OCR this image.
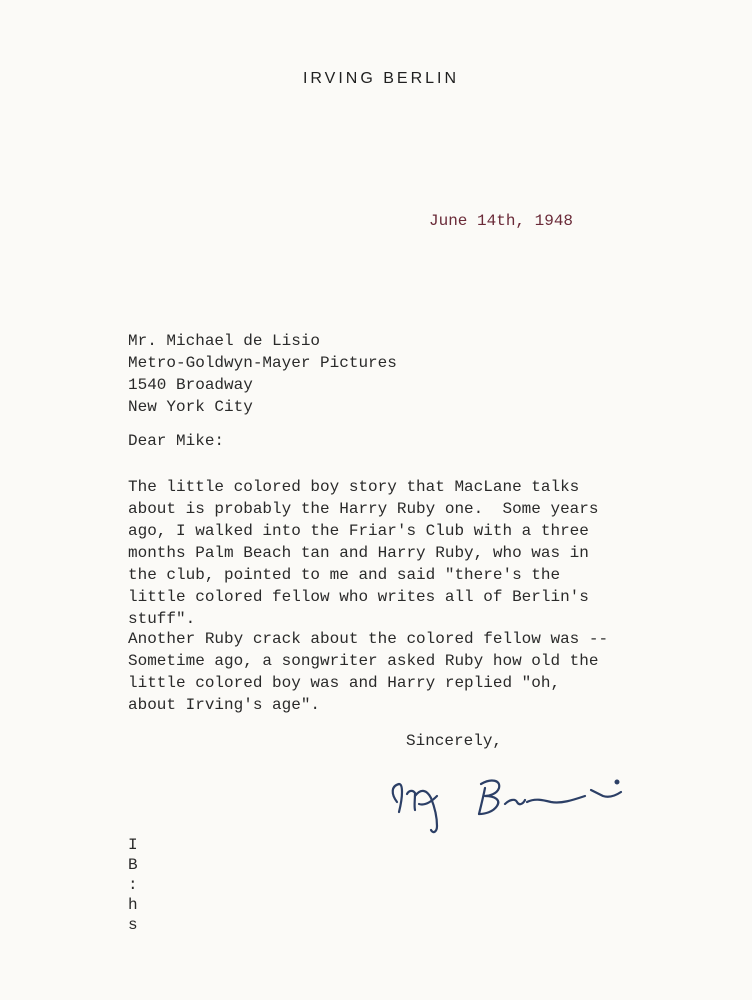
IRVING BERLIN
June 14th, 1948
Mr. Michael de Lisio
Metro-Goldwyn-Mayer Pictures
1540 Broadway
New York City
Dear Mike:
The little colored boy story that MacLane talks
about is probably the Harry Ruby one.  Some years
ago, I walked into the Friar's Club with a three
months Palm Beach tan and Harry Ruby, who was in
the club, pointed to me and said "there's the
little colored fellow who writes all of Berlin's
stuff".
Another Ruby crack about the colored fellow was --
Sometime ago, a songwriter asked Ruby how old the
little colored boy was and Harry replied "oh,
about Irving's age".
Sincerely,
I
B
:
h
s
